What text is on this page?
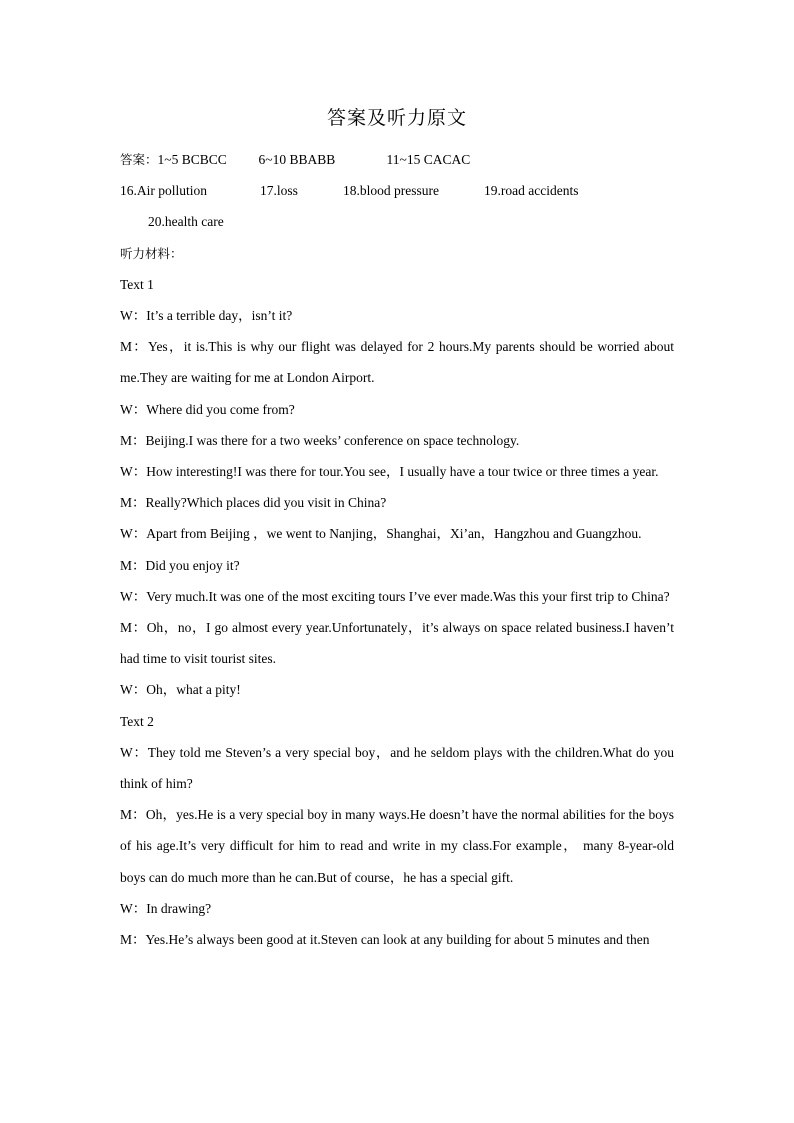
答案及听力原文
答案： 1~5 BCBCC	6~10 BBABB	11~15 CACAC
16.Air pollution	17.loss	18.blood pressure	19.road accidents
20.health care

听力材料：

Text 1

W：It’s a terrible day，isn’t it?

M：Yes，it is.This is why our flight was delayed for 2 hours.My parents should be worried about me.They are waiting for me at London Airport.

W：Where did you come from?

M：Beijing.I was there for a two weeks’ conference on space technology.

W：How interesting!I was there for tour.You see，I usually have a tour twice or three times a year.

M：Really?Which places did you visit in China?

W：Apart from Beijing ，we went to Nanjing，Shanghai，Xi’an，Hangzhou and Guangzhou.

M：Did you enjoy it?

W：Very much.It was one of the most exciting tours I’ve ever made.Was this your first trip to China?

M：Oh，no，I go almost every year.Unfortunately，it’s always on space related business.I haven’t had time to visit tourist sites.

W：Oh，what a pity!

Text 2

W：They told me Steven’s a very special boy，and he seldom plays with the children.What do you think of him?

M：Oh，yes.He is a very special boy in many ways.He doesn’t have the normal abilities for the boys of his age.It’s very difficult for him to read and write in my class.For example， many 8-year-old boys can do much more than he can.But of course，he has a special gift.

W：In drawing?

M：Yes.He’s always been good at it.Steven can look at any building for about 5 minutes and then
